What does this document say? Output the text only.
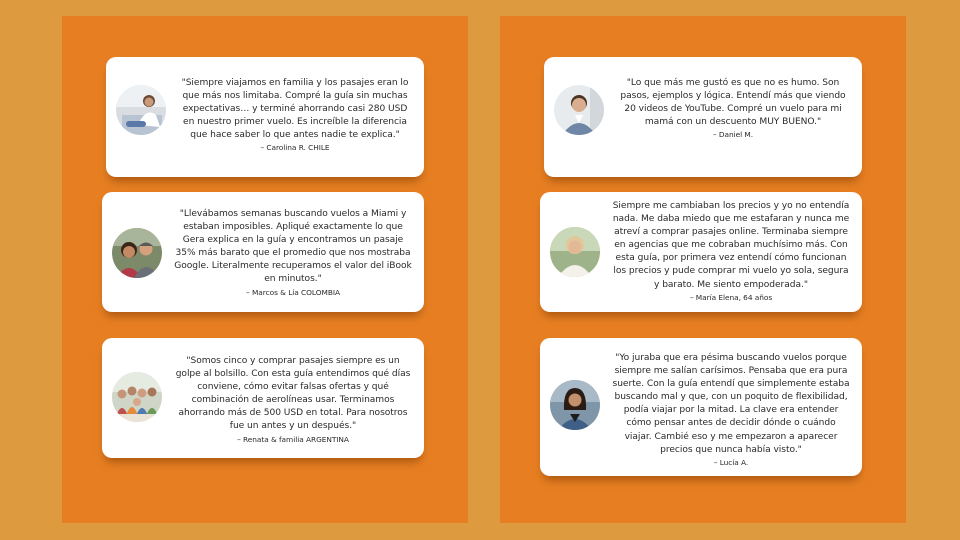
"Siempre viajamos en familia y los pasajes eran lo
que más nos limitaba. Compré la guía sin muchas
expectativas… y terminé ahorrando casi 280 USD
en nuestro primer vuelo. Es increíble la diferencia
que hace saber lo que antes nadie te explica."
– Carolina R. CHILE
"Llevábamos semanas buscando vuelos a Miami y
estaban imposibles. Apliqué exactamente lo que
Gera explica en la guía y encontramos un pasaje
35% más barato que el promedio que nos mostraba
Google. Literalmente recuperamos el valor del iBook
en minutos."
– Marcos & Lía COLOMBIA
"Somos cinco y comprar pasajes siempre es un
golpe al bolsillo. Con esta guía entendimos qué días
conviene, cómo evitar falsas ofertas y qué
combinación de aerolíneas usar. Terminamos
ahorrando más de 500 USD en total. Para nosotros
fue un antes y un después."
– Renata & familia ARGENTINA
"Lo que más me gustó es que no es humo. Son
pasos, ejemplos y lógica. Entendí más que viendo
20 videos de YouTube. Compré un vuelo para mi
mamá con un descuento MUY BUENO."
– Daniel M.
Siempre me cambiaban los precios y yo no entendía
nada. Me daba miedo que me estafaran y nunca me
atreví a comprar pasajes online. Terminaba siempre
en agencias que me cobraban muchísimo más. Con
esta guía, por primera vez entendí cómo funcionan
los precios y pude comprar mi vuelo yo sola, segura
y barato. Me siento empoderada."
– María Elena, 64 años
"Yo juraba que era pésima buscando vuelos porque
siempre me salían carísimos. Pensaba que era pura
suerte. Con la guía entendí que simplemente estaba
buscando mal y que, con un poquito de flexibilidad,
podía viajar por la mitad. La clave era entender
cómo pensar antes de decidir dónde o cuándo
viajar. Cambié eso y me empezaron a aparecer
precios que nunca había visto."
– Lucía A.
